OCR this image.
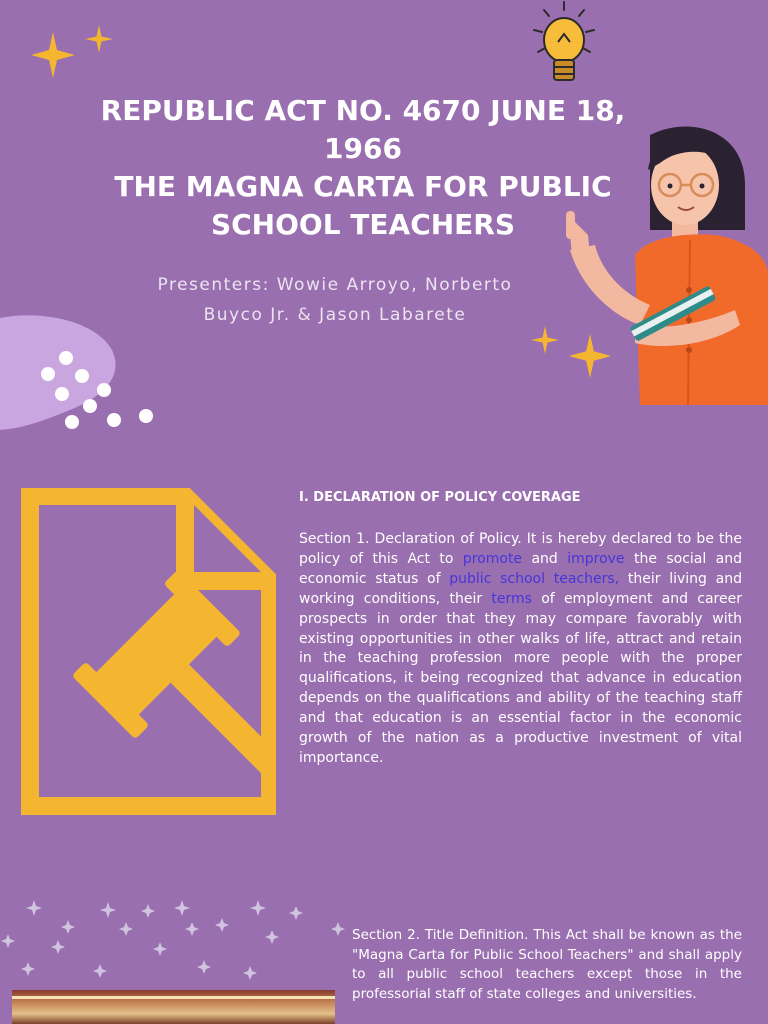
REPUBLIC ACT NO. 4670 JUNE 18,
1966
THE MAGNA CARTA FOR PUBLIC
SCHOOL TEACHERS
Presenters: Wowie Arroyo, Norberto
Buyco Jr. & Jason Labarete
I. DECLARATION OF POLICY COVERAGE
Section 1. Declaration of Policy. It is hereby declared to be the policy of this Act to promote and improve the social and economic status of public school teachers, their living and working conditions, their terms of employment and career prospects in order that they may compare favorably with existing opportunities in other walks of life, attract and retain in the teaching profession more people with the proper qualifications, it being recognized that advance in education depends on the qualifications and ability of the teaching staff and that education is an essential factor in the economic growth of the nation as a productive investment of vital importance.
Section 2. Title Definition. This Act shall be known as the "Magna Carta for Public School Teachers" and shall apply to all public school teachers except those in the professorial staff of state colleges and universities.
